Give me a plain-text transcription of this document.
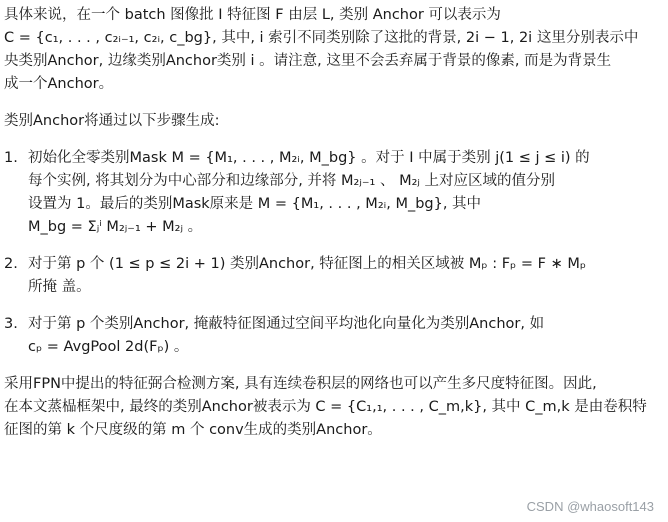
具体来说，在一个 batch 图像批 I 特征图 F 由层 L, 类别 Anchor 可以表示为
C = {c₁, . . . , c₂ᵢ₋₁, c₂ᵢ, c_bg}, 其中, i 索引不同类别除了这批的背景, 2i − 1, 2i 这里分别表示中
央类别Anchor, 边缘类别Anchor类别 i 。请注意, 这里不会丢弃属于背景的像素, 而是为背景生
成一个Anchor。
类别Anchor将通过以下步骤生成:
1. 初始化全零类别Mask M = {M₁, . . . , M₂ᵢ, M_bg} 。对于 I 中属于类别 j(1 ≤ j ≤ i) 的
每个实例, 将其划分为中心部分和边缘部分, 并将 M₂ⱼ₋₁ 、 M₂ⱼ 上对应区域的值分别
设置为 1。最后的类别Mask原来是 M = {M₁, . . . , M₂ᵢ, M_bg}, 其中
M_bg = Σⱼⁱ M₂ⱼ₋₁ + M₂ⱼ 。
2. 对于第 p 个 (1 ≤ p ≤ 2i + 1) 类别Anchor, 特征图上的相关区域被 Mₚ : Fₚ = F ∗ Mₚ
所掩 盖。
3. 对于第 p 个类别Anchor, 掩蔽特征图通过空间平均池化向量化为类别Anchor, 如
cₚ = AvgPool 2d(Fₚ) 。
采用FPN中提出的特征弼合检测方案, 具有连续卷积层的网络也可以产生多尺度特征图。因此,
在本文蒸榀框架中, 最终的类别Anchor被表示为 C = {C₁,₁, . . . , C_m,k}, 其中 C_m,k 是由卷积特
征图的第 k 个尺度级的第 m 个 conv生成的类别Anchor。
CSDN @whaosoft143
